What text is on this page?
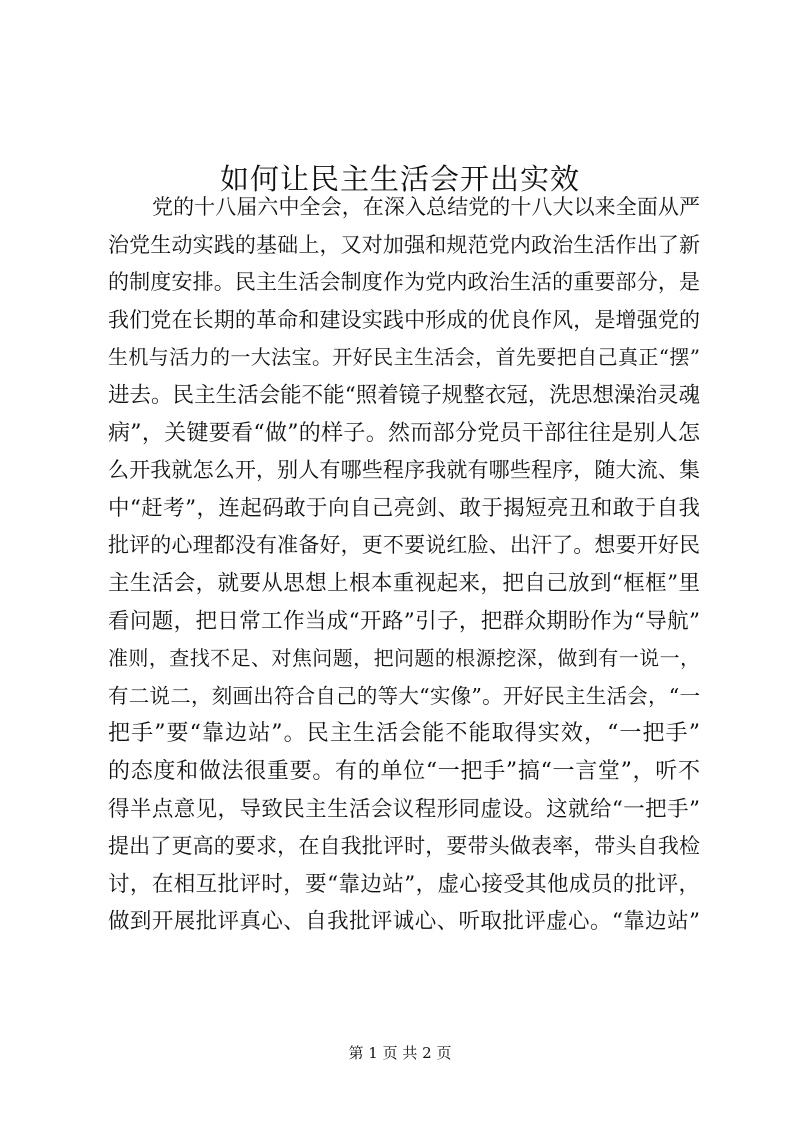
如何让民主生活会开出实效
党的十八届六中全会，在深入总结党的十八大以来全面从严
治党生动实践的基础上，又对加强和规范党内政治生活作出了新
的制度安排。民主生活会制度作为党内政治生活的重要部分，是
我们党在长期的革命和建设实践中形成的优良作风，是增强党的
生机与活力的一大法宝。开好民主生活会，首先要把自己真正“摆”
进去。民主生活会能不能“照着镜子规整衣冠，洗思想澡治灵魂
病”，关键要看“做”的样子。然而部分党员干部往往是别人怎
么开我就怎么开，别人有哪些程序我就有哪些程序，随大流、集
中“赶考”，连起码敢于向自己亮剑、敢于揭短亮丑和敢于自我
批评的心理都没有准备好，更不要说红脸、出汗了。想要开好民
主生活会，就要从思想上根本重视起来，把自己放到“框框”里
看问题，把日常工作当成“开路”引子，把群众期盼作为“导航”
准则，查找不足、对焦问题，把问题的根源挖深，做到有一说一，
有二说二，刻画出符合自己的等大“实像”。开好民主生活会，“一
把手”要“靠边站”。民主生活会能不能取得实效，“一把手”
的态度和做法很重要。有的单位“一把手”搞“一言堂”，听不
得半点意见，导致民主生活会议程形同虚设。这就给“一把手”
提出了更高的要求，在自我批评时，要带头做表率，带头自我检
讨，在相互批评时，要“靠边站”，虚心接受其他成员的批评，
做到开展批评真心、自我批评诚心、听取批评虚心。“靠边站”
第 1 页 共 2 页
